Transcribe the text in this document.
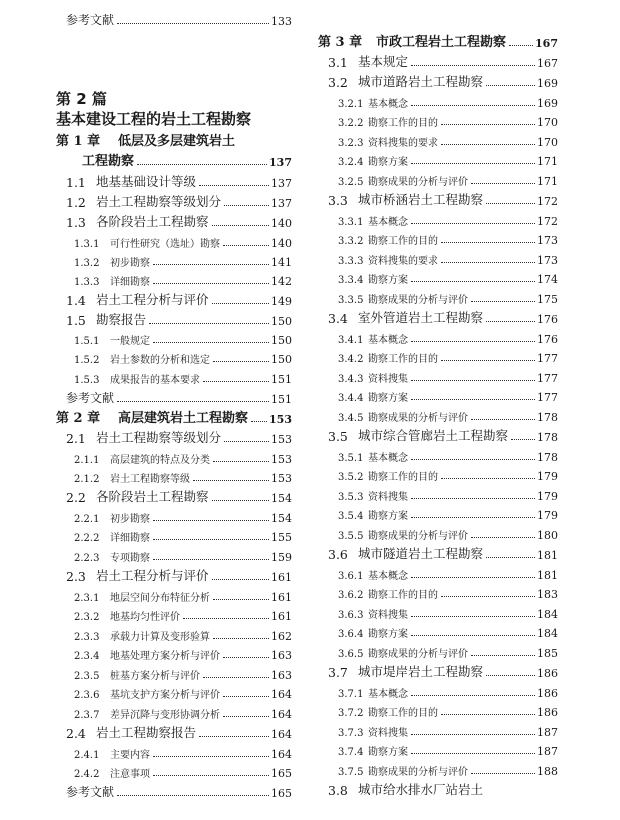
第 2 篇
基本建设工程的岩土工程勘察
参考文献	133
第 1 章	低层及多层建筑岩土
工程勘察	137
1.1 地基基础设计等级	137
1.2 岩土工程勘察等级划分	137
1.3 各阶段岩土工程勘察	140
1.3.1	可行性研究（选址）勘察	140
1.3.2	初步勘察	141
1.3.3	详细勘察	142
1.4 岩土工程分析与评价	149
1.5 勘察报告	150
1.5.1	一般规定	150
1.5.2	岩土参数的分析和选定	150
1.5.3	成果报告的基本要求	151
参考文献	151
第 2 章	高层建筑岩土工程勘察 153
2.1 岩土工程勘察等级划分	153
2.1.1	高层建筑的特点及分类	153
2.1.2	岩土工程勘察等级	153
2.2 各阶段岩土工程勘察	154
2.2.1	初步勘察	154
2.2.2	详细勘察	155
2.2.3	专项勘察	159
2.3 岩土工程分析与评价	161
2.3.1	地层空间分布特征分析	161
2.3.2	地基均匀性评价	161
2.3.3	承载力计算及变形验算	162
2.3.4	地基处理方案分析与评价	163
2.3.5	桩基方案分析与评价	163
2.3.6	基坑支护方案分析与评价	164
2.3.7	差异沉降与变形协调分析	164
2.4 岩土工程勘察报告	164
2.4.1	主要内容	164
2.4.2	注意事项	165
参考文献	165
第 3 章	市政工程岩土工程勘察	167
3.1 基本规定	167
3.2 城市道路岩土工程勘察	169
3.2.1 基本概念	169
3.2.2 勘察工作的目的	170
3.2.3 资料搜集的要求	170
3.2.4 勘察方案	171
3.2.5 勘察成果的分析与评价	171
3.3 城市桥涵岩土工程勘察	172
3.3.1 基本概念	172
3.3.2 勘察工作的目的	173
3.3.3 资料搜集的要求	173
3.3.4 勘察方案	174
3.3.5 勘察成果的分析与评价	175
3.4 室外管道岩土工程勘察	176
3.4.1 基本概念	176
3.4.2 勘察工作的目的	177
3.4.3 资料搜集	177
3.4.4 勘察方案	177
3.4.5 勘察成果的分析与评价	178
3.5 城市综合管廊岩土工程勘察	178
3.5.1 基本概念	178
3.5.2 勘察工作的目的	179
3.5.3 资料搜集	179
3.5.4 勘察方案	179
3.5.5 勘察成果的分析与评价	180
3.6 城市隧道岩土工程勘察	181
3.6.1 基本概念	181
3.6.2 勘察工作的目的	183
3.6.3 资料搜集	184
3.6.4 勘察方案	184
3.6.5 勘察成果的分析与评价	185
3.7 城市堤岸岩土工程勘察	186
3.7.1 基本概念	186
3.7.2 勘察工作的目的	186
3.7.3 资料搜集	187
3.7.4 勘察方案	187
3.7.5 勘察成果的分析与评价	188
3.8 城市给水排水厂站岩土
